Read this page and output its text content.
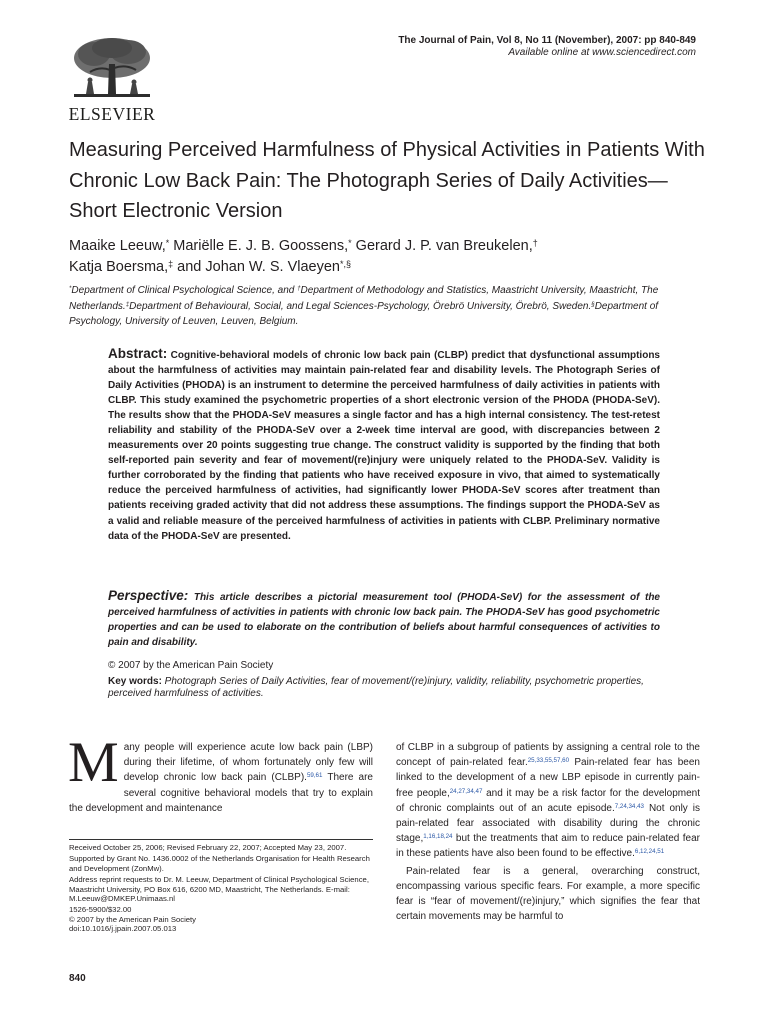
ELSEVIER
The Journal of Pain, Vol 8, No 11 (November), 2007: pp 840-849
Available online at www.sciencedirect.com
Measuring Perceived Harmfulness of Physical Activities in Patients With Chronic Low Back Pain: The Photograph Series of Daily Activities—Short Electronic Version
Maaike Leeuw,* Mariëlle E. J. B. Goossens,* Gerard J. P. van Breukelen,†
Katja Boersma,‡ and Johan W. S. Vlaeyen*,§
*Department of Clinical Psychological Science, and †Department of Methodology and Statistics, Maastricht University, Maastricht, The Netherlands.‡Department of Behavioural, Social, and Legal Sciences-Psychology, Örebrö University, Örebrö, Sweden.§Department of Psychology, University of Leuven, Leuven, Belgium.
Abstract: Cognitive-behavioral models of chronic low back pain (CLBP) predict that dysfunctional assumptions about the harmfulness of activities may maintain pain-related fear and disability levels. The Photograph Series of Daily Activities (PHODA) is an instrument to determine the perceived harmfulness of daily activities in patients with CLBP. This study examined the psychometric properties of a short electronic version of the PHODA (PHODA-SeV). The results show that the PHODA-SeV measures a single factor and has a high internal consistency. The test-retest reliability and stability of the PHODA-SeV over a 2-week time interval are good, with discrepancies between 2 measurements over 20 points suggesting true change. The construct validity is supported by the finding that both self-reported pain severity and fear of movement/(re)injury were uniquely related to the PHODA-SeV. Validity is further corroborated by the finding that patients who have received exposure in vivo, that aimed to systematically reduce the perceived harmfulness of activities, had significantly lower PHODA-SeV scores after treatment than patients receiving graded activity that did not address these assumptions. The findings support the PHODA-SeV as a valid and reliable measure of the perceived harmfulness of activities in patients with CLBP. Preliminary normative data of the PHODA-SeV are presented.
Perspective: This article describes a pictorial measurement tool (PHODA-SeV) for the assessment of the perceived harmfulness of activities in patients with chronic low back pain. The PHODA-SeV has good psychometric properties and can be used to elaborate on the contribution of beliefs about harmful consequences of activities to pain and disability.
© 2007 by the American Pain Society
Key words: Photograph Series of Daily Activities, fear of movement/(re)injury, validity, reliability, psychometric properties, perceived harmfulness of activities.
Many people will experience acute low back pain (LBP) during their lifetime, of whom fortunately only few will develop chronic low back pain (CLBP).$^{59,61}$ There are several cognitive behavioral models that try to explain the development and maintenance
Received October 25, 2006; Revised February 22, 2007; Accepted May 23, 2007.
Supported by Grant No. 1436.0002 of the Netherlands Organisation for Health Research and Development (ZonMw).
Address reprint requests to Dr. M. Leeuw, Department of Clinical Psychological Science, Maastricht University, PO Box 616, 6200 MD, Maastricht, The Netherlands. E-mail: M.Leeuw@DMKEP.Unimaas.nl
1526-5900/$32.00
© 2007 by the American Pain Society
doi:10.1016/j.jpain.2007.05.013
840

of CLBP in a subgroup of patients by assigning a central role to the concept of pain-related fear.$^{25,33,55,57,60}$ Pain-related fear has been linked to the development of a new LBP episode in currently pain-free people,$^{24,27,34,47}$ and it may be a risk factor for the development of chronic complaints out of an acute episode.$^{7,24,34,43}$ Not only is pain-related fear associated with disability during the chronic stage,$^{1,16,18,24}$ but the treatments that aim to reduce pain-related fear in these patients have also been found to be effective.$^{6,12,24,51}$

Pain-related fear is a general, overarching construct, encompassing various specific fears. For example, a more specific fear is “fear of movement/(re)injury,” which signifies the fear that certain movements may be harmful to
